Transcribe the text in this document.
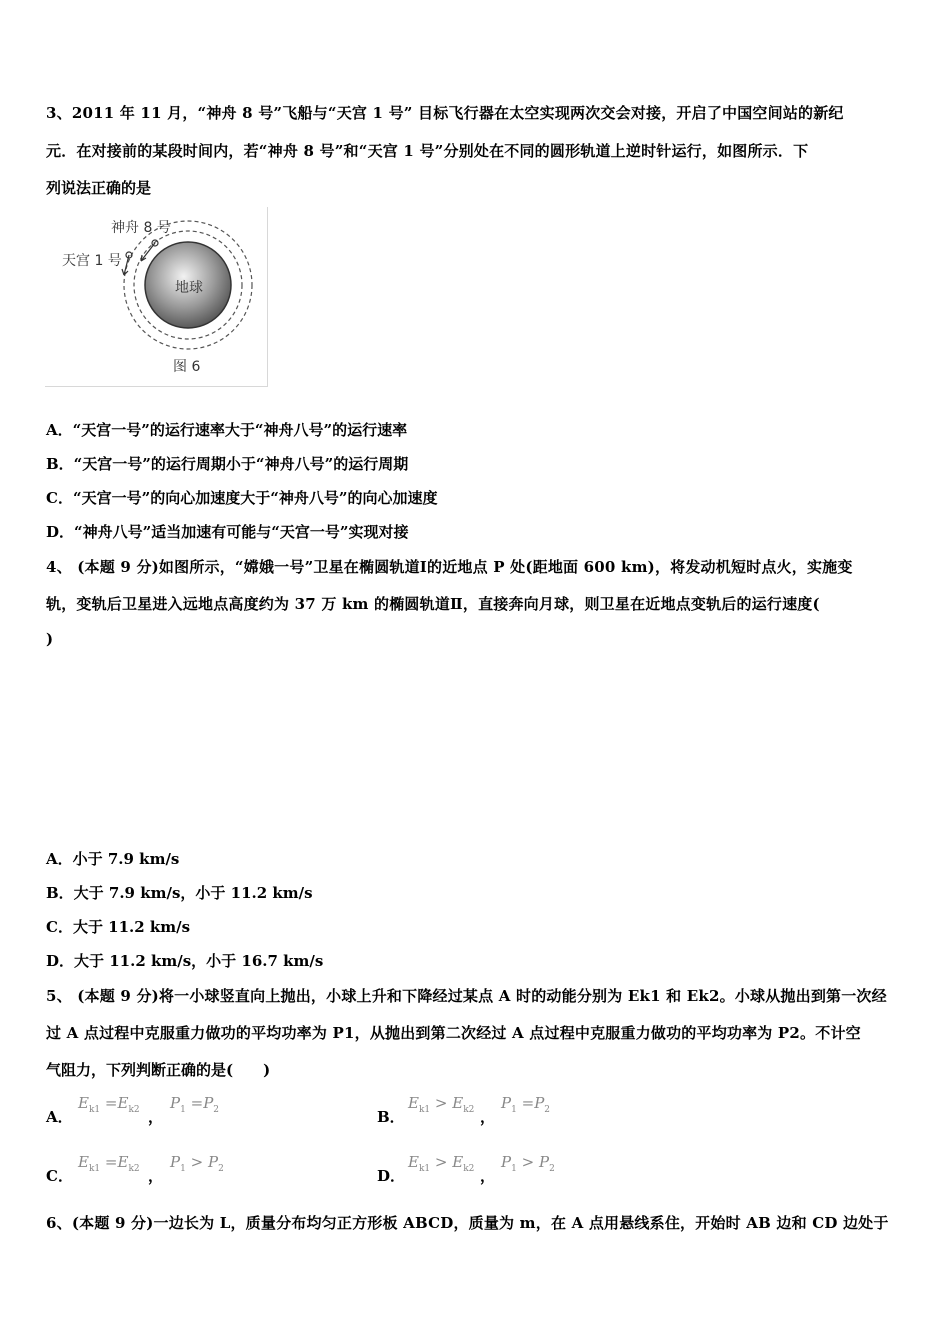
3、2011 年 11 月，“神舟 8 号”飞船与“天宫 1 号” 目标飞行器在太空实现两次交会对接，开启了中国空间站的新纪
元．在对接前的某段时间内，若“神舟 8 号”和“天宫 1 号”分别处在不同的圆形轨道上逆时针运行，如图所示．下
列说法正确的是
神舟 8 号
天宫 1 号
地球
图 6
A．“天宫一号”的运行速率大于“神舟八号”的运行速率
B．“天宫一号”的运行周期小于“神舟八号”的运行周期
C．“天宫一号”的向心加速度大于“神舟八号”的向心加速度
D．“神舟八号”适当加速有可能与“天宫一号”实现对接
4、 (本题 9 分)如图所示，“嫦娥一号”卫星在椭圆轨道Ⅰ的近地点 P 处(距地面 600 km)，将发动机短时点火，实施变
轨，变轨后卫星进入远地点高度约为 37 万 km 的椭圆轨道Ⅱ，直接奔向月球，则卫星在近地点变轨后的运行速度(
)
A．小于 7.9 km/s
B．大于 7.9 km/s，小于 11.2 km/s
C．大于 11.2 km/s
D．大于 11.2 km/s，小于 16.7 km/s
5、 (本题 9 分)将一小球竖直向上抛出，小球上升和下降经过某点 A 时的动能分别为 Ek1 和 Ek2。小球从抛出到第一次经
过 A 点过程中克服重力做功的平均功率为 P1，从抛出到第二次经过 A 点过程中克服重力做功的平均功率为 P2。不计空
气阻力，下列判断正确的是(　　)
A．
$E_{k1} =E_{k2}$ ，
$P_1 =P_2$	B．
$E_{k1} > E_{k2}$ ，
$P_1 =P_2$
C．
$E_{k1} =E_{k2}$ ，
$P_1 > P_2$	D．
$E_{k1} > E_{k2}$ ，
$P_1 > P_2$
6、(本题 9 分)一边长为 L，质量分布均匀正方形板 ABCD，质量为 m，在 A 点用悬线系住，开始时 AB 边和 CD 边处于
